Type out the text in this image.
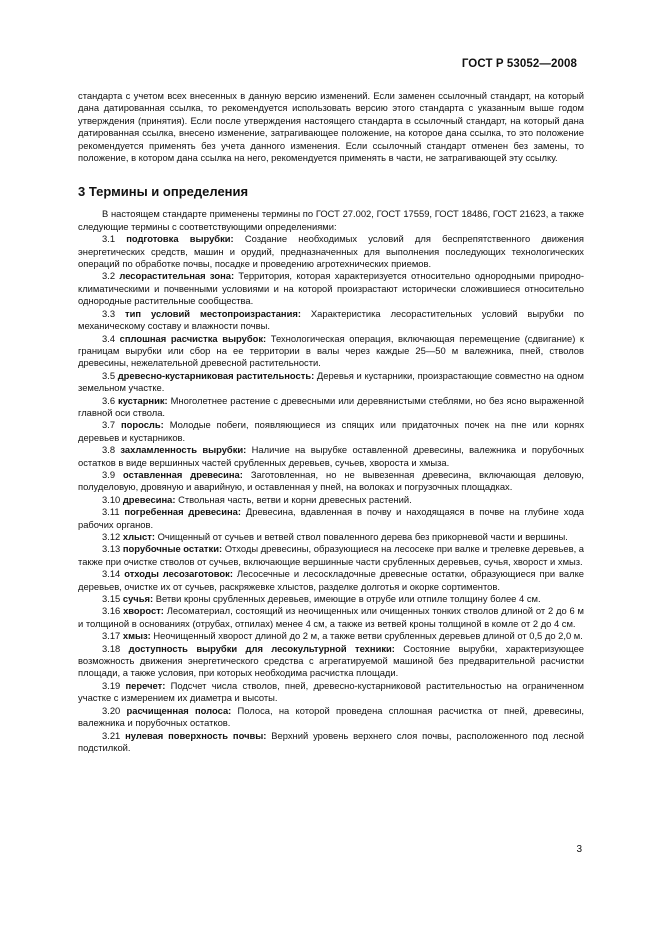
ГОСТ Р 53052—2008

стандарта с учетом всех внесенных в данную версию изменений. Если заменен ссылочный стандарт, на который дана датированная ссылка, то рекомендуется использовать версию этого стандарта с указанным выше годом утверждения (принятия). Если после утверждения настоящего стандарта в ссылочный стандарт, на который дана датированная ссылка, внесено изменение, затрагивающее положение, на которое дана ссылка, то это положение рекомендуется применять без учета данного изменения. Если ссылочный стандарт отменен без замены, то положение, в котором дана ссылка на него, рекомендуется применять в части, не затрагивающей эту ссылку.

3 Термины и определения

В настоящем стандарте применены термины по ГОСТ 27.002, ГОСТ 17559, ГОСТ 18486, ГОСТ 21623, а также следующие термины с соответствующими определениями:

3.1 подготовка вырубки: Создание необходимых условий для беспрепятственного движения энергетических средств, машин и орудий, предназначенных для выполнения последующих технологических операций по обработке почвы, посадке и проведению агротехнических приемов.

3.2 лесорастительная зона: Территория, которая характеризуется относительно однородными природно-климатическими и почвенными условиями и на которой произрастают исторически сложившиеся относительно однородные растительные сообщества.

3.3 тип условий местопроизрастания: Характеристика лесорастительных условий вырубки по механическому составу и влажности почвы.

3.4 сплошная расчистка вырубок: Технологическая операция, включающая перемещение (сдвигание) к границам вырубки или сбор на ее территории в валы через каждые 25—50 м валежника, пней, стволов древесины, нежелательной древесной растительности.

3.5 древесно-кустарниковая растительность: Деревья и кустарники, произрастающие совместно на одном земельном участке.

3.6 кустарник: Многолетнее растение с древесными или деревянистыми стеблями, но без ясно выраженной главной оси ствола.

3.7 поросль: Молодые побеги, появляющиеся из спящих или придаточных почек на пне или корнях деревьев и кустарников.

3.8 захламленность вырубки: Наличие на вырубке оставленной древесины, валежника и порубочных остатков в виде вершинных частей срубленных деревьев, сучьев, хвороста и хмыза.

3.9 оставленная древесина: Заготовленная, но не вывезенная древесина, включающая деловую, полуделовую, дровяную и аварийную, и оставленная у пней, на волоках и погрузочных площадках.

3.10 древесина: Ствольная часть, ветви и корни древесных растений.

3.11 погребенная древесина: Древесина, вдавленная в почву и находящаяся в почве на глубине хода рабочих органов.

3.12 хлыст: Очищенный от сучьев и ветвей ствол поваленного дерева без прикорневой части и вершины.

3.13 порубочные остатки: Отходы древесины, образующиеся на лесосеке при валке и трелевке деревьев, а также при очистке стволов от сучьев, включающие вершинные части срубленных деревьев, сучья, хворост и хмыз.

3.14 отходы лесозаготовок: Лесосечные и лесоскладочные древесные остатки, образующиеся при валке деревьев, очистке их от сучьев, раскряжевке хлыстов, разделке долготья и окорке сортиментов.

3.15 сучья: Ветви кроны срубленных деревьев, имеющие в отрубе или отпиле толщину более 4 см.

3.16 хворост: Лесоматериал, состоящий из неочищенных или очищенных тонких стволов длиной от 2 до 6 м и толщиной в основаниях (отрубах, отпилах) менее 4 см, а также из ветвей кроны толщиной в комле от 2 до 4 см.

3.17 хмыз: Неочищенный хворост длиной до 2 м, а также ветви срубленных деревьев длиной от 0,5 до 2,0 м.

3.18 доступность вырубки для лесокультурной техники: Состояние вырубки, характеризующее возможность движения энергетического средства с агрегатируемой машиной без предварительной расчистки площади, а также условия, при которых необходима расчистка площади.

3.19 перечет: Подсчет числа стволов, пней, древесно-кустарниковой растительностью на ограниченном участке с измерением их диаметра и высоты.

3.20 расчищенная полоса: Полоса, на которой проведена сплошная расчистка от пней, древесины, валежника и порубочных остатков.

3.21 нулевая поверхность почвы: Верхний уровень верхнего слоя почвы, расположенного под лесной подстилкой.

3
